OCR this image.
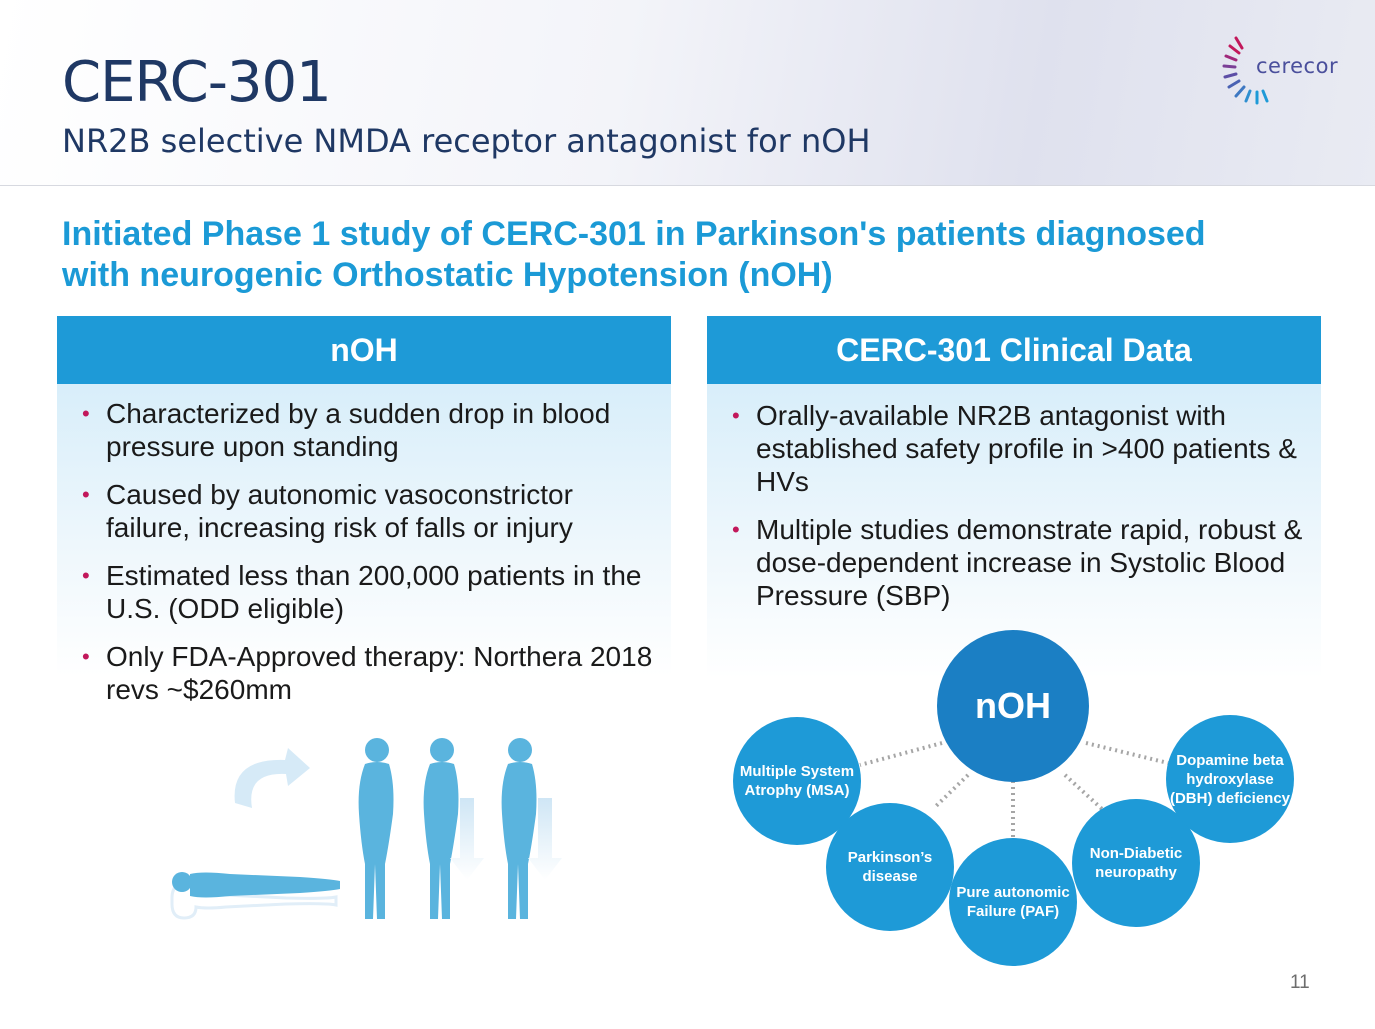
CERC-301
NR2B selective NMDA receptor antagonist for nOH
cerecor
Initiated Phase 1 study of CERC-301 in Parkinson's patients diagnosed with neurogenic Orthostatic Hypotension (nOH)
nOH
• Characterized by a sudden drop in blood pressure upon standing
• Caused by autonomic vasoconstrictor failure, increasing risk of falls or injury
• Estimated less than 200,000 patients in the U.S. (ODD eligible)
• Only FDA-Approved therapy: Northera 2018 revs ~$260mm
CERC-301 Clinical Data
• Orally-available NR2B antagonist with established safety profile in >400 patients & HVs
• Multiple studies demonstrate rapid, robust & dose-dependent increase in Systolic Blood Pressure (SBP)
nOH
Multiple System Atrophy (MSA)
Parkinson’s disease
Pure autonomic Failure (PAF)
Non-Diabetic neuropathy
Dopamine beta hydroxylase (DBH) deficiency
11
